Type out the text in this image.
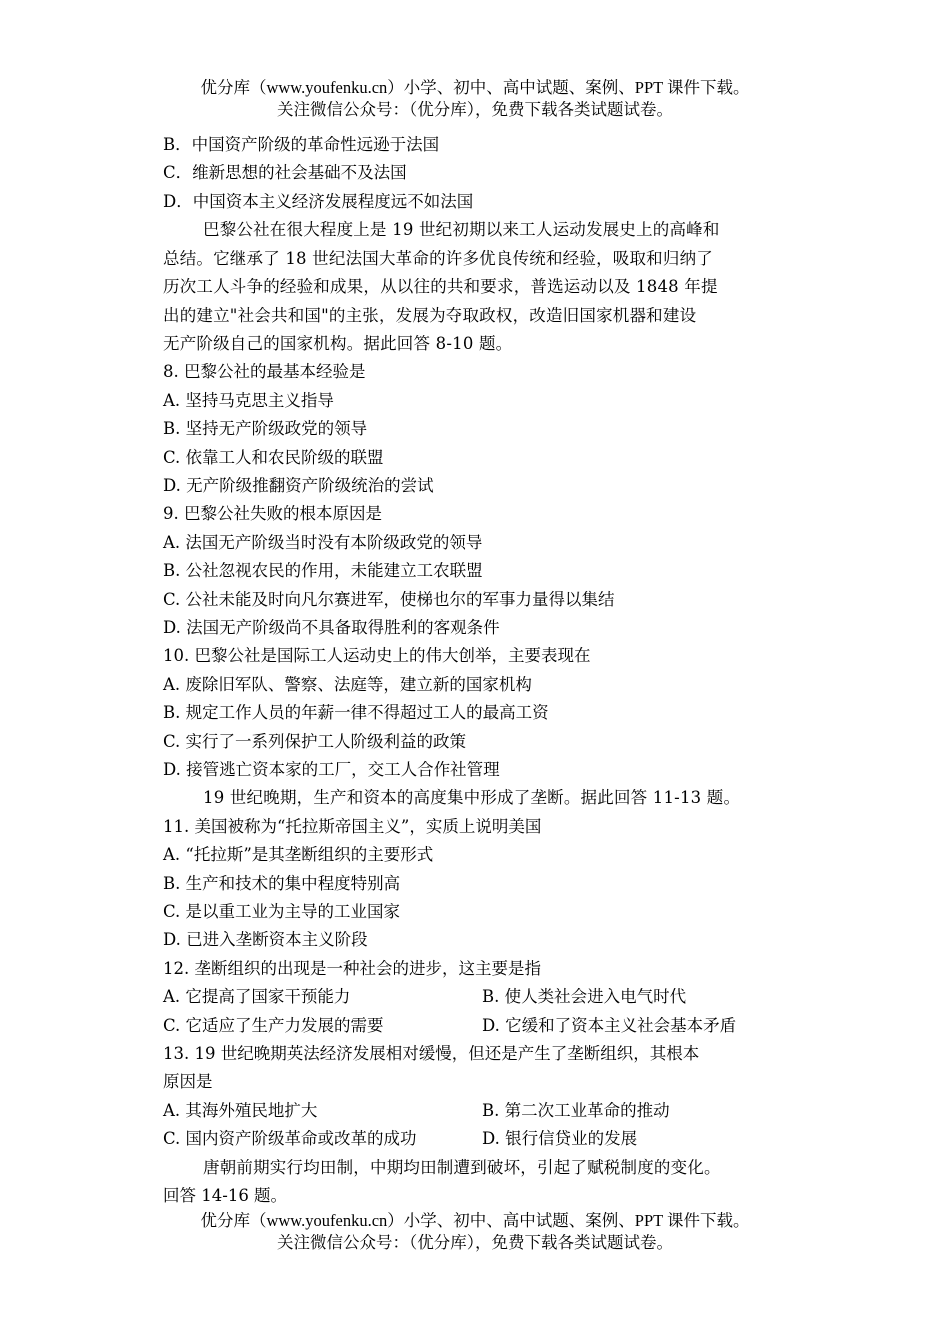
优分库（www.youfenku.cn）小学、初中、高中试题、案例、PPT 课件下载。
关注微信公众号：（优分库），免费下载各类试题试卷。
B．中国资产阶级的革命性远逊于法国
C．维新思想的社会基础不及法国
D．中国资本主义经济发展程度远不如法国
巴黎公社在很大程度上是 19 世纪初期以来工人运动发展史上的高峰和
总结。它继承了 18 世纪法国大革命的许多优良传统和经验，吸取和归纳了
历次工人斗争的经验和成果，从以往的共和要求，普选运动以及 1848 年提
出的建立"社会共和国"的主张，发展为夺取政权，改造旧国家机器和建设
无产阶级自己的国家机构。据此回答 8-10 题。
8. 巴黎公社的最基本经验是
A. 坚持马克思主义指导
B. 坚持无产阶级政党的领导
C. 依靠工人和农民阶级的联盟
D. 无产阶级推翻资产阶级统治的尝试
9. 巴黎公社失败的根本原因是
A. 法国无产阶级当时没有本阶级政党的领导
B. 公社忽视农民的作用，未能建立工农联盟
C. 公社未能及时向凡尔赛进军，使梯也尔的军事力量得以集结
D. 法国无产阶级尚不具备取得胜利的客观条件
10. 巴黎公社是国际工人运动史上的伟大创举，主要表现在
A. 废除旧军队、警察、法庭等，建立新的国家机构
B. 规定工作人员的年薪一律不得超过工人的最高工资
C. 实行了一系列保护工人阶级利益的政策
D. 接管逃亡资本家的工厂，交工人合作社管理
19 世纪晚期，生产和资本的高度集中形成了垄断。据此回答 11-13 题。
11. 美国被称为“托拉斯帝国主义”，实质上说明美国
A. “托拉斯”是其垄断组织的主要形式
B. 生产和技术的集中程度特别高
C. 是以重工业为主导的工业国家
D. 已进入垄断资本主义阶段
12. 垄断组织的出现是一种社会的进步，这主要是指
A. 它提高了国家干预能力	B. 使人类社会进入电气时代
C. 它适应了生产力发展的需要	D. 它缓和了资本主义社会基本矛盾
13. 19 世纪晚期英法经济发展相对缓慢，但还是产生了垄断组织，其根本
原因是
A. 其海外殖民地扩大	B. 第二次工业革命的推动
C. 国内资产阶级革命或改革的成功	D. 银行信贷业的发展
唐朝前期实行均田制，中期均田制遭到破坏，引起了赋税制度的变化。
回答 14-16 题。
优分库（www.youfenku.cn）小学、初中、高中试题、案例、PPT 课件下载。
关注微信公众号：（优分库），免费下载各类试题试卷。
